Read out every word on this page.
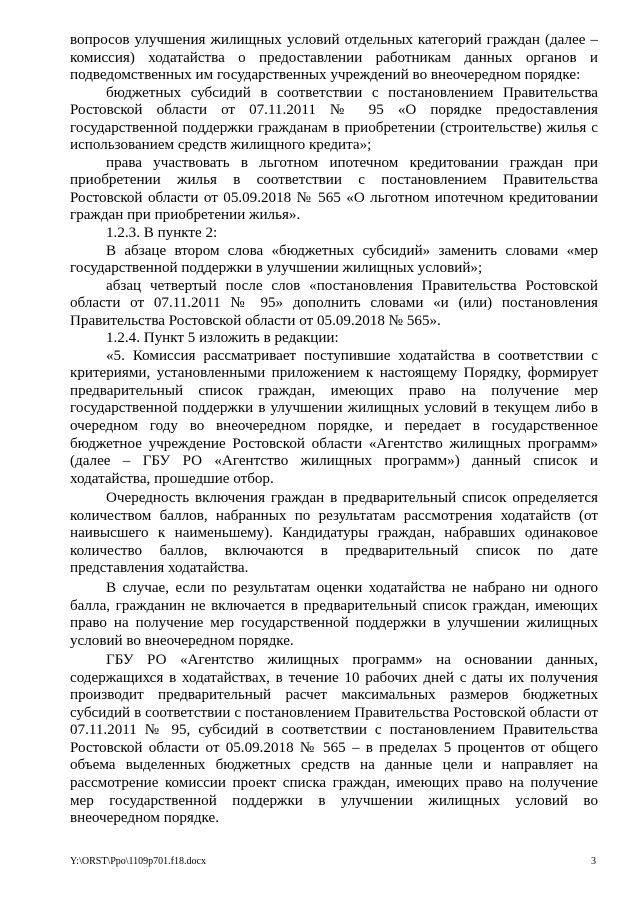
вопросов улучшения жилищных условий отдельных категорий граждан (далее – комиссия) ходатайства о предоставлении работникам данных органов и подведомственных им государственных учреждений во внеочередном порядке:

бюджетных субсидий в соответствии с постановлением Правительства Ростовской области от 07.11.2011 № 95 «О порядке предоставления государственной поддержки гражданам в приобретении (строительстве) жилья с использованием средств жилищного кредита»;

права участвовать в льготном ипотечном кредитовании граждан при приобретении жилья в соответствии с постановлением Правительства Ростовской области от 05.09.2018 № 565 «О льготном ипотечном кредитовании граждан при приобретении жилья».

1.2.3. В пункте 2:

В абзаце втором слова «бюджетных субсидий» заменить словами «мер государственной поддержки в улучшении жилищных условий»;

абзац четвертый после слов «постановления Правительства Ростовской области от 07.11.2011 № 95» дополнить словами «и (или) постановления Правительства Ростовской области от 05.09.2018 № 565».

1.2.4. Пункт 5 изложить в редакции:

«5. Комиссия рассматривает поступившие ходатайства в соответствии с критериями, установленными приложением к настоящему Порядку, формирует предварительный список граждан, имеющих право на получение мер государственной поддержки в улучшении жилищных условий в текущем либо в очередном году во внеочередном порядке, и передает в государственное бюджетное учреждение Ростовской области «Агентство жилищных программ» (далее – ГБУ РО «Агентство жилищных программ») данный список и ходатайства, прошедшие отбор.

Очередность включения граждан в предварительный список определяется количеством баллов, набранных по результатам рассмотрения ходатайств (от наивысшего к наименьшему). Кандидатуры граждан, набравших одинаковое количество баллов, включаются в предварительный список по дате представления ходатайства.

В случае, если по результатам оценки ходатайства не набрано ни одного балла, гражданин не включается в предварительный список граждан, имеющих право на получение мер государственной поддержки в улучшении жилищных условий во внеочередном порядке.

ГБУ РО «Агентство жилищных программ» на основании данных, содержащихся в ходатайствах, в течение 10 рабочих дней с даты их получения производит предварительный расчет максимальных размеров бюджетных субсидий в соответствии с постановлением Правительства Ростовской области от 07.11.2011 № 95, субсидий в соответствии с постановлением Правительства Ростовской области от 05.09.2018 № 565 – в пределах 5 процентов от общего объема выделенных бюджетных средств на данные цели и направляет на рассмотрение комиссии проект списка граждан, имеющих право на получение мер государственной поддержки в улучшении жилищных условий во внеочередном порядке.

Y:\ORST\Ppo\1109p701.f18.docx	3
